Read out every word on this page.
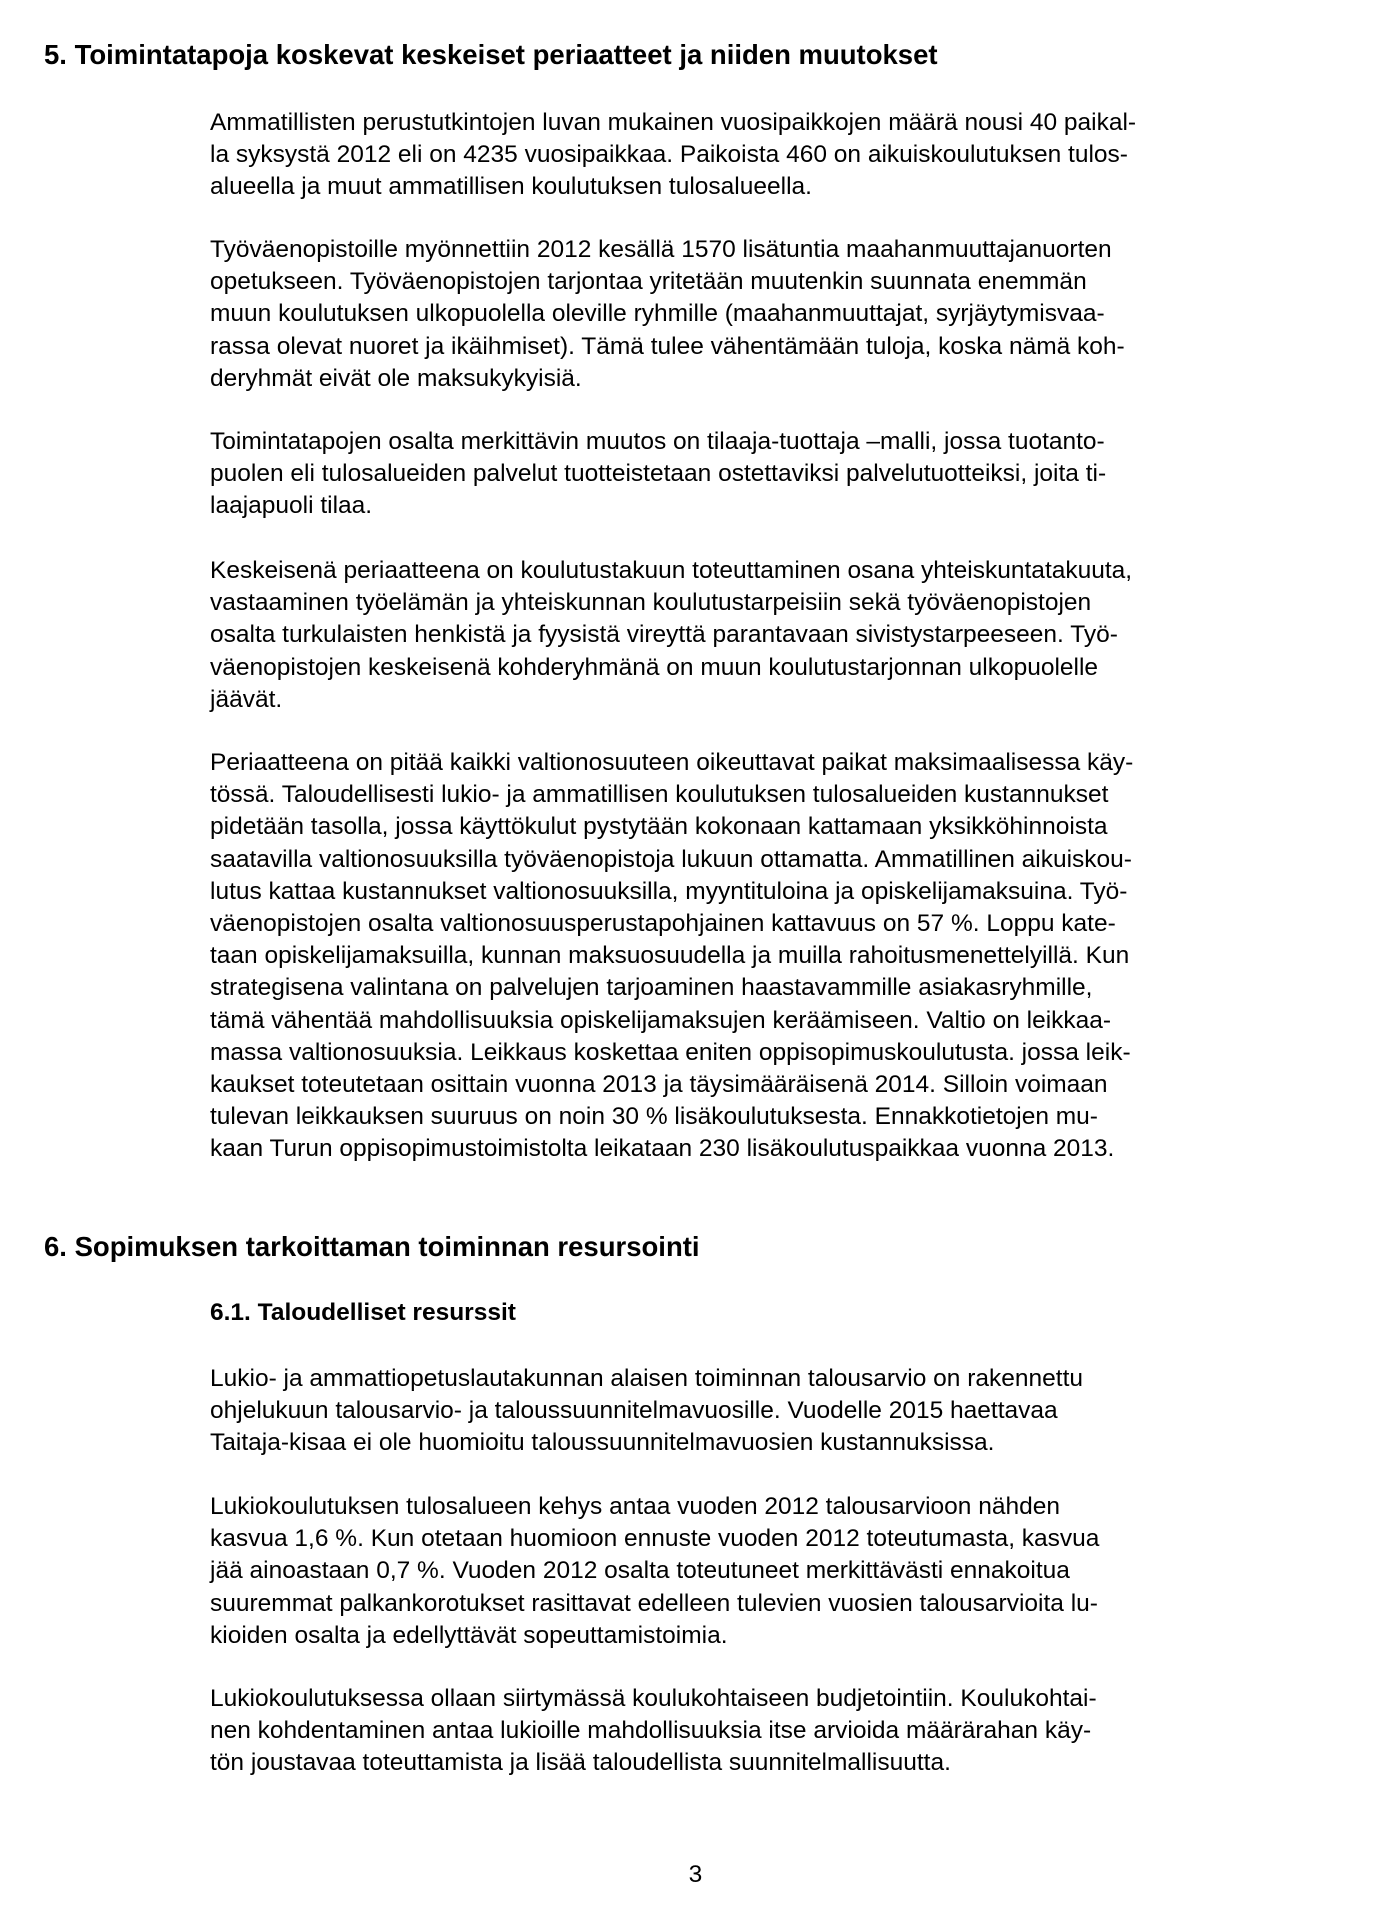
5. Toimintatapoja koskevat keskeiset periaatteet ja niiden muutokset
Ammatillisten perustutkintojen luvan mukainen vuosipaikkojen määrä nousi 40 paikal-
la syksystä 2012 eli on 4235 vuosipaikkaa. Paikoista 460 on aikuiskoulutuksen tulos-
alueella ja muut ammatillisen koulutuksen tulosalueella.
Työväenopistoille myönnettiin 2012 kesällä 1570 lisätuntia maahanmuuttajanuorten
opetukseen. Työväenopistojen tarjontaa yritetään muutenkin suunnata enemmän
muun koulutuksen ulkopuolella oleville ryhmille (maahanmuuttajat, syrjäytymisvaa-
rassa olevat nuoret ja ikäihmiset). Tämä tulee vähentämään tuloja, koska nämä koh-
deryhmät eivät ole maksukykyisiä.
Toimintatapojen osalta merkittävin muutos on tilaaja-tuottaja –malli, jossa tuotanto-
puolen eli tulosalueiden palvelut tuotteistetaan ostettaviksi palvelutuotteiksi, joita ti-
laajapuoli tilaa.
Keskeisenä periaatteena on koulutustakuun toteuttaminen osana yhteiskuntatakuuta,
vastaaminen työelämän ja yhteiskunnan koulutustarpeisiin sekä työväenopistojen
osalta turkulaisten henkistä ja fyysistä vireyttä parantavaan sivistystarpeeseen. Työ-
väenopistojen keskeisenä kohderyhmänä on muun koulutustarjonnan ulkopuolelle
jäävät.
Periaatteena on pitää kaikki valtionosuuteen oikeuttavat paikat maksimaalisessa käy-
tössä. Taloudellisesti lukio- ja ammatillisen koulutuksen tulosalueiden kustannukset
pidetään tasolla, jossa käyttökulut pystytään kokonaan kattamaan yksikköhinnoista
saatavilla valtionosuuksilla työväenopistoja lukuun ottamatta. Ammatillinen aikuiskou-
lutus kattaa kustannukset valtionosuuksilla, myyntituloina ja opiskelijamaksuina. Työ-
väenopistojen osalta valtionosuusperustapohjainen kattavuus on 57 %. Loppu kate-
taan opiskelijamaksuilla, kunnan maksuosuudella ja muilla rahoitusmenettelyillä. Kun
strategisena valintana on palvelujen tarjoaminen haastavammille asiakasryhmille,
tämä vähentää mahdollisuuksia opiskelijamaksujen keräämiseen. Valtio on leikkaa-
massa valtionosuuksia. Leikkaus koskettaa eniten oppisopimuskoulutusta. jossa leik-
kaukset toteutetaan osittain vuonna 2013 ja täysimääräisenä 2014. Silloin voimaan
tulevan leikkauksen suuruus on noin 30 % lisäkoulutuksesta. Ennakkotietojen mu-
kaan Turun oppisopimustoimistolta leikataan 230 lisäkoulutuspaikkaa vuonna 2013.
6. Sopimuksen tarkoittaman toiminnan resursointi
6.1. Taloudelliset resurssit
Lukio- ja ammattiopetuslautakunnan alaisen toiminnan talousarvio on rakennettu
ohjelukuun talousarvio- ja taloussuunnitelmavuosille. Vuodelle 2015 haettavaa
Taitaja-kisaa ei ole huomioitu taloussuunnitelmavuosien kustannuksissa.
Lukiokoulutuksen tulosalueen kehys antaa vuoden 2012 talousarvioon nähden
kasvua 1,6 %. Kun otetaan huomioon ennuste vuoden 2012 toteutumasta, kasvua
jää ainoastaan 0,7 %. Vuoden 2012 osalta toteutuneet merkittävästi ennakoitua
suuremmat palkankorotukset rasittavat edelleen tulevien vuosien talousarvioita lu-
kioiden osalta ja edellyttävät sopeuttamistoimia.
Lukiokoulutuksessa ollaan siirtymässä koulukohtaiseen budjetointiin. Koulukohtai-
nen kohdentaminen antaa lukioille mahdollisuuksia itse arvioida määrärahan käy-
tön joustavaa toteuttamista ja lisää taloudellista suunnitelmallisuutta.
3
